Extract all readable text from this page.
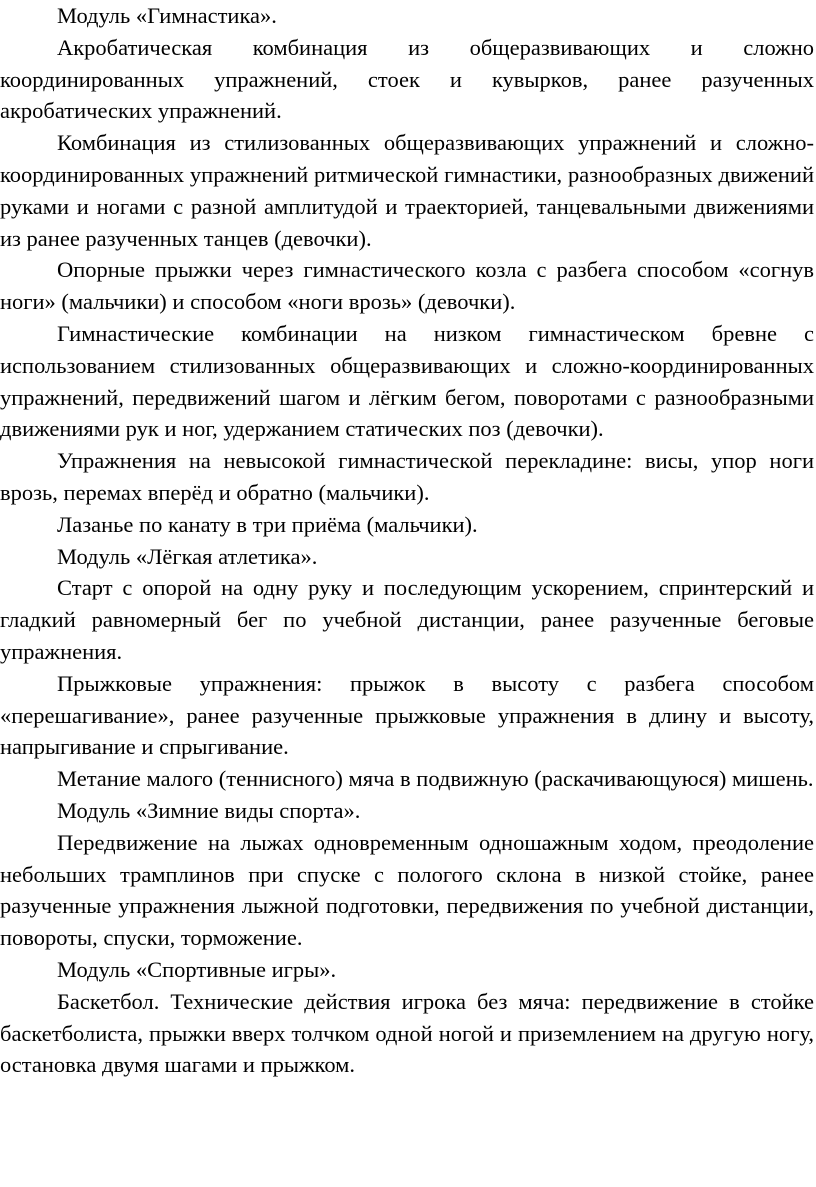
Модуль «Гимнастика».

Акробатическая комбинация из общеразвивающих и сложно координированных упражнений, стоек и кувырков, ранее разученных акробатических упражнений.

Комбинация из стилизованных общеразвивающих упражнений и сложно-координированных упражнений ритмической гимнастики, разнообразных движений руками и ногами с разной амплитудой и траекторией, танцевальными движениями из ранее разученных танцев (девочки).

Опорные прыжки через гимнастического козла с разбега способом «согнув ноги» (мальчики) и способом «ноги врозь» (девочки).

Гимнастические комбинации на низком гимнастическом бревне с использованием стилизованных общеразвивающих и сложно-координированных упражнений, передвижений шагом и лёгким бегом, поворотами с разнообразными движениями рук и ног, удержанием статических поз (девочки).

Упражнения на невысокой гимнастической перекладине: висы, упор ноги врозь, перемах вперёд и обратно (мальчики).

Лазанье по канату в три приёма (мальчики).

Модуль «Лёгкая атлетика».

Старт с опорой на одну руку и последующим ускорением, спринтерский и гладкий равномерный бег по учебной дистанции, ранее разученные беговые упражнения.

Прыжковые упражнения: прыжок в высоту с разбега способом «перешагивание», ранее разученные прыжковые упражнения в длину и высоту, напрыгивание и спрыгивание.

Метание малого (теннисного) мяча в подвижную (раскачивающуюся) мишень.

Модуль «Зимние виды спорта».

Передвижение на лыжах одновременным одношажным ходом, преодоление небольших трамплинов при спуске с пологого склона в низкой стойке, ранее разученные упражнения лыжной подготовки, передвижения по учебной дистанции, повороты, спуски, торможение.

Модуль «Спортивные игры».

Баскетбол. Технические действия игрока без мяча: передвижение в стойке баскетболиста, прыжки вверх толчком одной ногой и приземлением на другую ногу, остановка двумя шагами и прыжком.
